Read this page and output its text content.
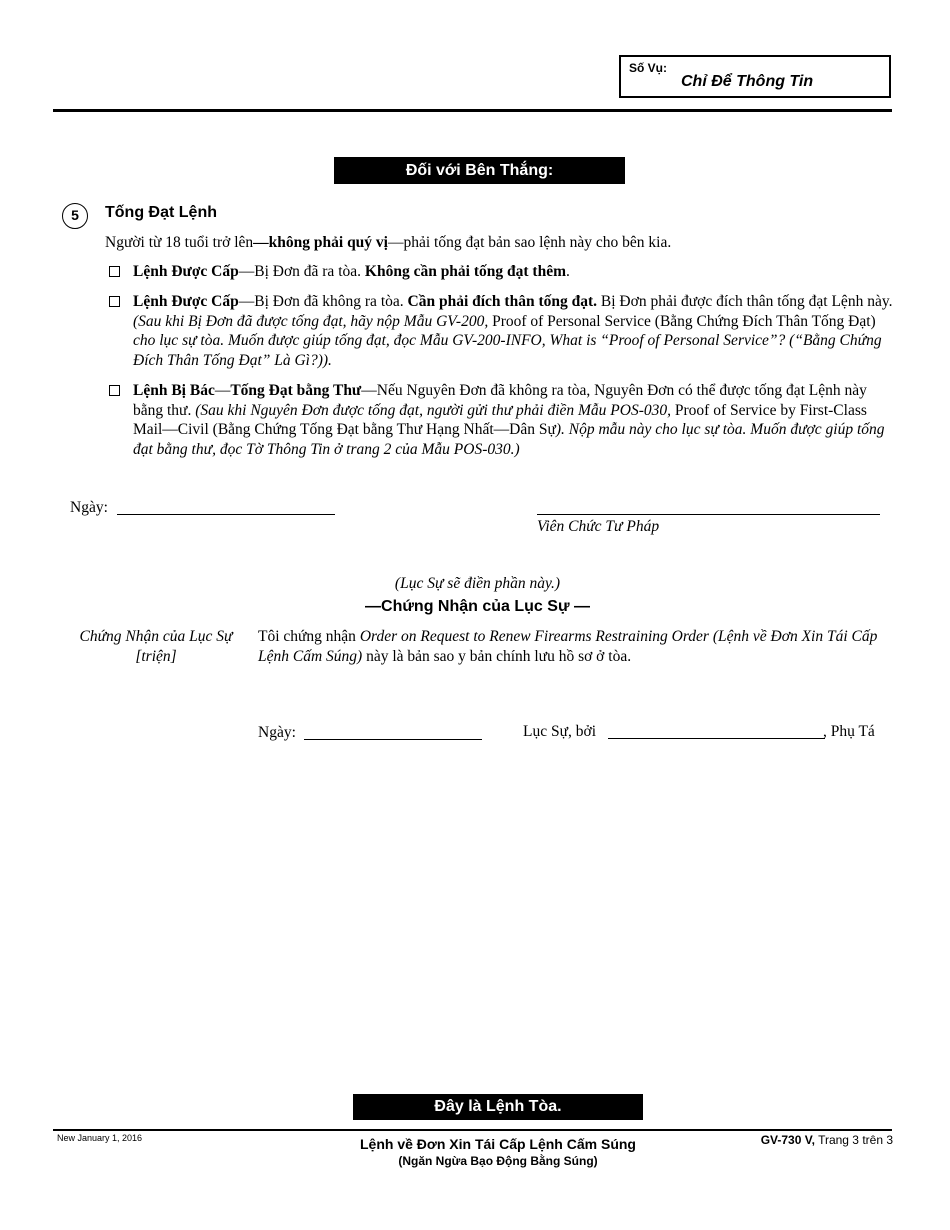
Số Vụ:
Chỉ Để Thông Tin
Đối với Bên Thắng:
5	Tống Đạt Lệnh
Người từ 18 tuổi trở lên—không phải quý vị—phải tống đạt bản sao lệnh này cho bên kia.
Lệnh Được Cấp—Bị Đơn đã ra tòa. Không cần phải tống đạt thêm.
Lệnh Được Cấp—Bị Đơn đã không ra tòa. Cần phải đích thân tống đạt. Bị Đơn phải được đích thân tống đạt Lệnh này. (Sau khi Bị Đơn đã được tống đạt, hãy nộp Mẫu GV-200, Proof of Personal Service (Bằng Chứng Đích Thân Tống Đạt) cho lục sự tòa. Muốn được giúp tống đạt, đọc Mẫu GV-200-INFO, What is “Proof of Personal Service”? (“Bằng Chứng Đích Thân Tống Đạt” Là Gì?)).
Lệnh Bị Bác—Tống Đạt bằng Thư—Nếu Nguyên Đơn đã không ra tòa, Nguyên Đơn có thể được tống đạt Lệnh này bằng thư. (Sau khi Nguyên Đơn được tống đạt, người gửi thư phải điền Mẫu POS-030, Proof of Service by First-Class Mail—Civil (Bằng Chứng Tống Đạt bằng Thư Hạng Nhất—Dân Sự). Nộp mẫu này cho lục sự tòa. Muốn được giúp tống đạt bằng thư, đọc Tờ Thông Tin ở trang 2 của Mẫu POS-030.)
Ngày:
Viên Chức Tư Pháp
(Lục Sự sẽ điền phần này.)
—Chứng Nhận của Lục Sự —
Chứng Nhận của Lục Sự
[triện]
Tôi chứng nhận Order on Request to Renew Firearms Restraining Order (Lệnh về Đơn Xin Tái Cấp Lệnh Cấm Súng) này là bản sao y bản chính lưu hồ sơ ở tòa.
Ngày:	Lục Sự, bởi	, Phụ Tá
Đây là Lệnh Tòa.
New January 1, 2016	Lệnh về Đơn Xin Tái Cấp Lệnh Cấm Súng
(Ngăn Ngừa Bạo Động Bằng Súng)
GV-730 V, Trang 3 trên 3
